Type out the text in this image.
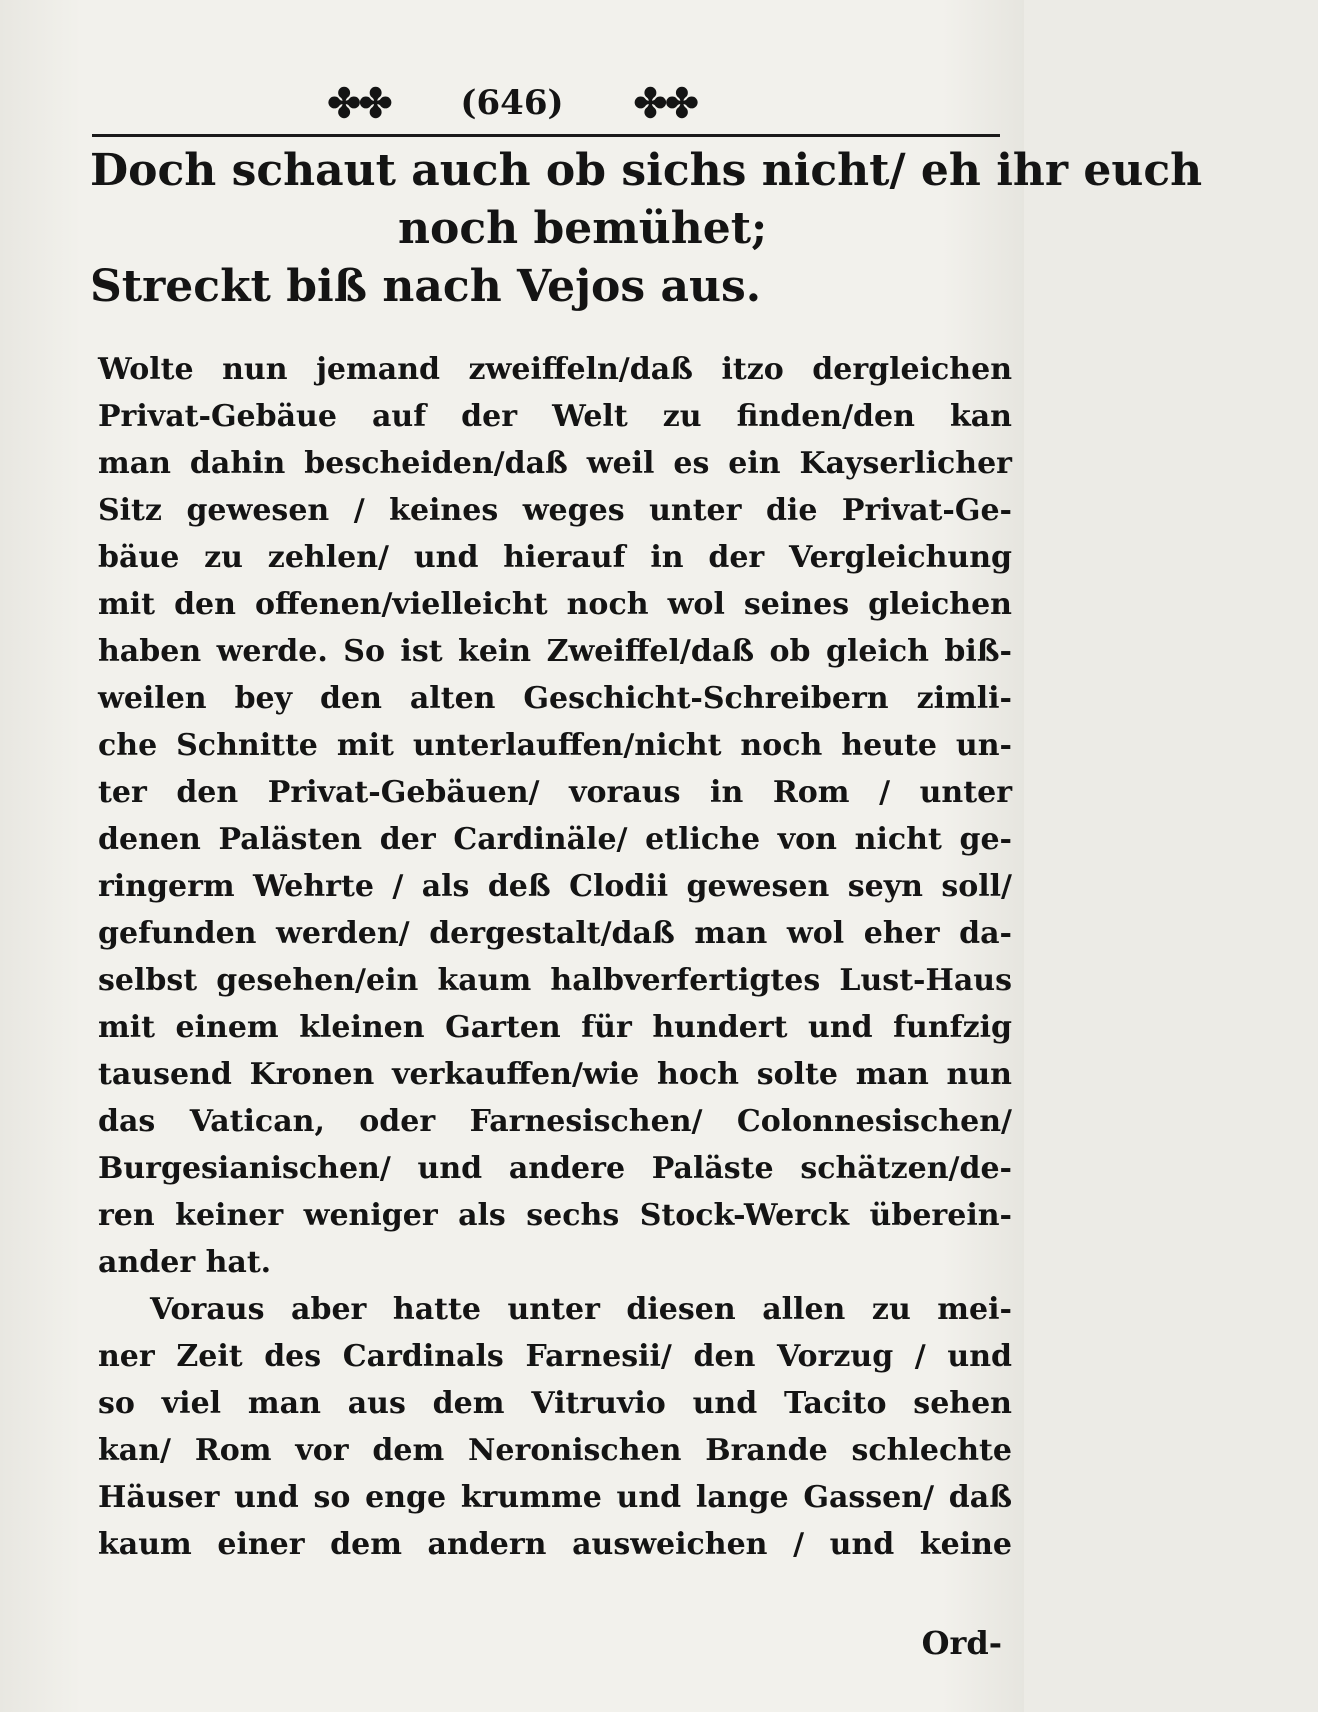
✤✤ (646) ✤✤
Doch schaut auch ob sichs nicht/ eh ihr euch
noch bemühet;
Streckt biß nach Vejos aus.
Wolte nun jemand zweiffeln/daß itzo dergleichen
Privat-Gebäue auf der Welt zu finden/den kan
man dahin bescheiden/daß weil es ein Kayserlicher
Sitz gewesen / keines weges unter die Privat-Ge-
bäue zu zehlen/ und hierauf in der Vergleichung
mit den offenen/vielleicht noch wol seines gleichen
haben werde. So ist kein Zweiffel/daß ob gleich biß-
weilen bey den alten Geschicht-Schreibern zimli-
che Schnitte mit unterlauffen/nicht noch heute un-
ter den Privat-Gebäuen/ voraus in Rom / unter
denen Palästen der Cardinäle/ etliche von nicht ge-
ringerm Wehrte / als deß Clodii gewesen seyn soll/
gefunden werden/ dergestalt/daß man wol eher da-
selbst gesehen/ein kaum halbverfertigtes Lust-Haus
mit einem kleinen Garten für hundert und funfzig
tausend Kronen verkauffen/wie hoch solte man nun
das Vatican, oder Farnesischen/ Colonnesischen/
Burgesianischen/ und andere Paläste schätzen/de-
ren keiner weniger als sechs Stock-Werck überein-
ander hat.
Voraus aber hatte unter diesen allen zu mei-
ner Zeit des Cardinals Farnesii/ den Vorzug / und
so viel man aus dem Vitruvio und Tacito sehen
kan/ Rom vor dem Neronischen Brande schlechte
Häuser und so enge krumme und lange Gassen/ daß
kaum einer dem andern ausweichen / und keine
Ord-
